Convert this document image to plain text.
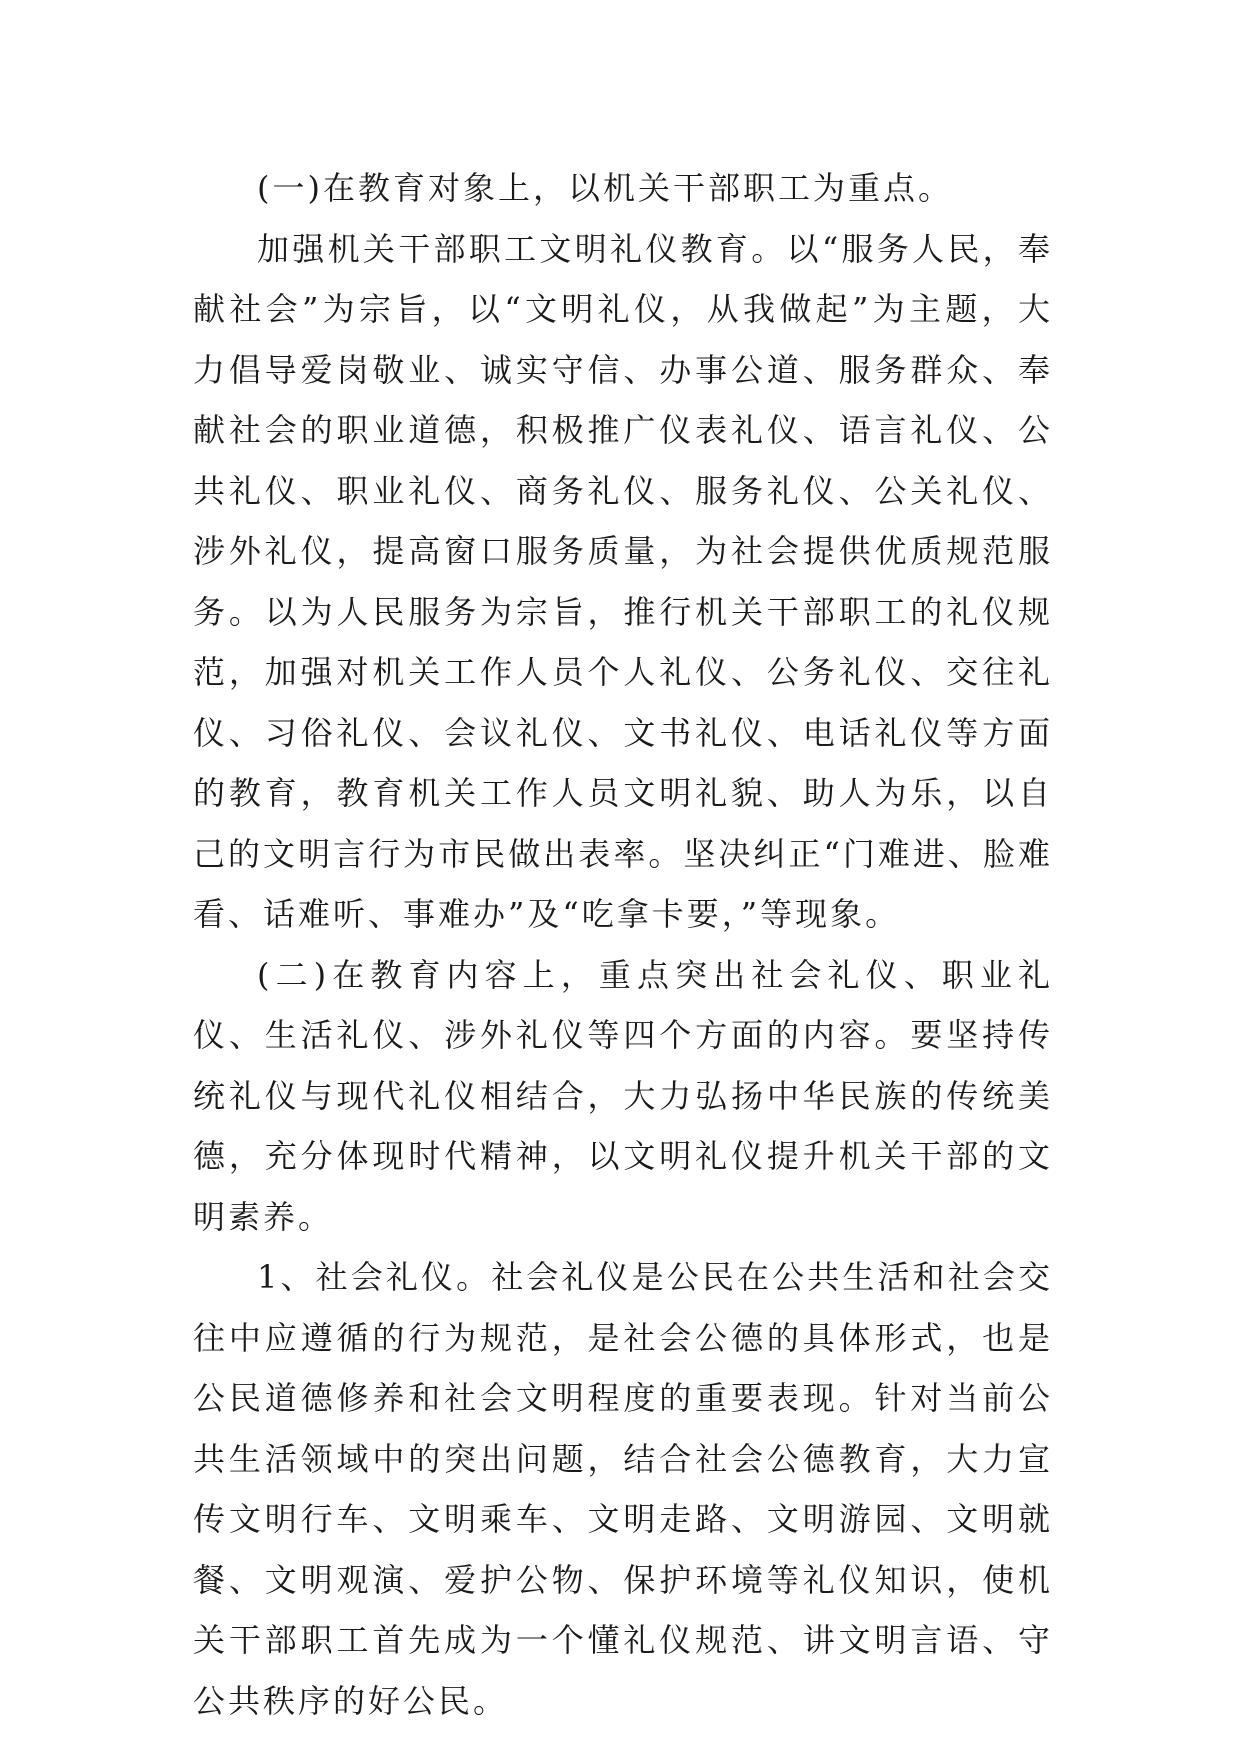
(一)在教育对象上，以机关干部职工为重点。

加强机关干部职工文明礼仪教育。以“服务人民，奉献社会”为宗旨，以“文明礼仪，从我做起”为主题，大力倡导爱岗敬业、诚实守信、办事公道、服务群众、奉献社会的职业道德，积极推广仪表礼仪、语言礼仪、公共礼仪、职业礼仪、商务礼仪、服务礼仪、公关礼仪、涉外礼仪，提高窗口服务质量，为社会提供优质规范服务。以为人民服务为宗旨，推行机关干部职工的礼仪规范，加强对机关工作人员个人礼仪、公务礼仪、交往礼仪、习俗礼仪、会议礼仪、文书礼仪、电话礼仪等方面的教育，教育机关工作人员文明礼貌、助人为乐，以自己的文明言行为市民做出表率。坚决纠正“门难进、脸难看、话难听、事难办”及“吃拿卡要，”等现象。

(二)在教育内容上，重点突出社会礼仪、职业礼仪、生活礼仪、涉外礼仪等四个方面的内容。要坚持传统礼仪与现代礼仪相结合，大力弘扬中华民族的传统美德，充分体现时代精神，以文明礼仪提升机关干部的文明素养。

1、社会礼仪。社会礼仪是公民在公共生活和社会交往中应遵循的行为规范，是社会公德的具体形式，也是公民道德修养和社会文明程度的重要表现。针对当前公共生活领域中的突出问题，结合社会公德教育，大力宣传文明行车、文明乘车、文明走路、文明游园、文明就餐、文明观演、爱护公物、保护环境等礼仪知识，使机关干部职工首先成为一个懂礼仪规范、讲文明言语、守公共秩序的好公民。
